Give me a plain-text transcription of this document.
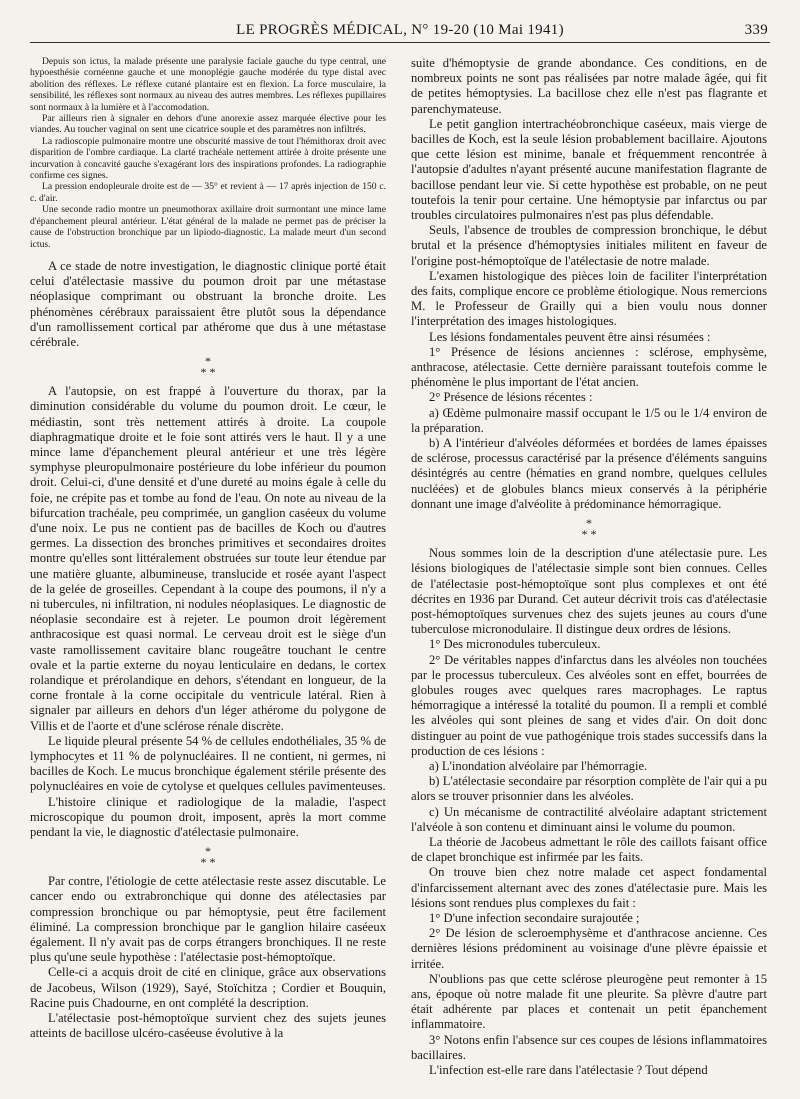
LE PROGRÈS MÉDICAL, N° 19-20 (10 Mai 1941)	339

Depuis son ictus, la malade présente une paralysie faciale gauche du type central, une hypoesthésie cornéenne gauche et une monoplégie gauche modérée du type distal avec abolition des réflexes. Le réflexe cutané plantaire est en flexion. La force musculaire, la sensibilité, les réflexes sont normaux au niveau des autres membres. Les réflexes pupillaires sont normaux à la lumière et à l'accomodation.

Par ailleurs rien à signaler en dehors d'une anorexie assez marquée élective pour les viandes. Au toucher vaginal on sent une cicatrice souple et des paramètres non infiltrés.

La radioscopie pulmonaire montre une obscurité massive de tout l'hémithorax droit avec disparition de l'ombre cardiaque. La clarté trachéale nettement attirée à droite présente une incurvation à concavité gauche s'exagérant lors des inspirations profondes. La radiographie confirme ces signes.

La pression endopleurale droite est de — 35° et revient à — 17 après injection de 150 c. c. d'air.

Une seconde radio montre un pneumothorax axillaire droit surmontant une mince lame d'épanchement pleural antérieur. L'état général de la malade ne permet pas de préciser la cause de l'obstruction bronchique par un lipiodo-diagnostic. La malade meurt d'un second ictus.

A ce stade de notre investigation, le diagnostic clinique porté était celui d'atélectasie massive du poumon droit par une métastase néoplasique comprimant ou obstruant la bronche droite. Les phénomènes cérébraux paraissaient être plutôt sous la dépendance d'un ramollissement cortical par athérome que dus à une métastase cérébrale.

*
* *

A l'autopsie, on est frappé à l'ouverture du thorax, par la diminution considérable du volume du poumon droit. Le cœur, le médiastin, sont très nettement attirés à droite. La coupole diaphragmatique droite et le foie sont attirés vers le haut. Il y a une mince lame d'épanchement pleural antérieur et une très légère symphyse pleuropulmonaire postérieure du lobe inférieur du poumon droit. Celui-ci, d'une densité et d'une dureté au moins égale à celle du foie, ne crépite pas et tombe au fond de l'eau. On note au niveau de la bifurcation trachéale, peu comprimée, un ganglion caséeux du volume d'une noix. Le pus ne contient pas de bacilles de Koch ou d'autres germes. La dissection des bronches primitives et secondaires droites montre qu'elles sont littéralement obstruées sur toute leur étendue par une matière gluante, albumineuse, translucide et rosée ayant l'aspect de la gelée de groseilles. Cependant à la coupe des poumons, il n'y a ni tubercules, ni infiltration, ni nodules néoplasiques. Le diagnostic de néoplasie secondaire est à rejeter. Le poumon droit légèrement anthracosique est quasi normal. Le cerveau droit est le siège d'un vaste ramollissement cavitaire blanc rougeâtre touchant le centre ovale et la partie externe du noyau lenticulaire en dedans, le cortex rolandique et prérolandique en dehors, s'étendant en longueur, de la corne frontale à la corne occipitale du ventricule latéral. Rien à signaler par ailleurs en dehors d'un léger athérome du polygone de Villis et de l'aorte et d'une sclérose rénale discrète.

Le liquide pleural présente 54 % de cellules endothéliales, 35 % de lymphocytes et 11 % de polynucléaires. Il ne contient, ni germes, ni bacilles de Koch. Le mucus bronchique également stérile présente des polynucléaires en voie de cytolyse et quelques cellules pavimenteuses.

L'histoire clinique et radiologique de la maladie, l'aspect microscopique du poumon droit, imposent, après la mort comme pendant la vie, le diagnostic d'atélectasie pulmonaire.

*
* *

Par contre, l'étiologie de cette atélectasie reste assez discutable. Le cancer endo ou extrabronchique qui donne des atélectasies par compression bronchique ou par hémoptysie, peut être facilement éliminé. La compression bronchique par le ganglion hilaire caséeux également. Il n'y avait pas de corps étrangers bronchiques. Il ne reste plus qu'une seule hypothèse : l'atélectasie post-hémoptoïque.

Celle-ci a acquis droit de cité en clinique, grâce aux observations de Jacobeus, Wilson (1929), Sayé, Stoïchitza ; Cordier et Bouquin, Racine puis Chadourne, en ont complété la description.

L'atélectasie post-hémoptoïque survient chez des sujets jeunes atteints de bacillose ulcéro-caséeuse évolutive à la

suite d'hémoptysie de grande abondance. Ces conditions, en de nombreux points ne sont pas réalisées par notre malade âgée, qui fit de petites hémoptysies. La bacillose chez elle n'est pas flagrante et parenchymateuse.

Le petit ganglion intertrachéobronchique caséeux, mais vierge de bacilles de Koch, est la seule lésion probablement bacillaire. Ajoutons que cette lésion est minime, banale et fréquemment rencontrée à l'autopsie d'adultes n'ayant présenté aucune manifestation flagrante de bacillose pendant leur vie. Si cette hypothèse est probable, on ne peut toutefois la tenir pour certaine. Une hémoptysie par infarctus ou par troubles circulatoires pulmonaires n'est pas plus défendable.

Seuls, l'absence de troubles de compression bronchique, le début brutal et la présence d'hémoptysies initiales militent en faveur de l'origine post-hémoptoïque de l'atélectasie de notre malade.

L'examen histologique des pièces loin de faciliter l'interprétation des faits, complique encore ce problème étiologique. Nous remercions M. le Professeur de Grailly qui a bien voulu nous donner l'interprétation des images histologiques.

Les lésions fondamentales peuvent être ainsi résumées :

1° Présence de lésions anciennes : sclérose, emphysème, anthracose, atélectasie. Cette dernière paraissant toutefois comme le phénomène le plus important de l'état ancien.

2° Présence de lésions récentes :

a) Œdème pulmonaire massif occupant le 1/5 ou le 1/4 environ de la préparation.

b) A l'intérieur d'alvéoles déformées et bordées de lames épaisses de sclérose, processus caractérisé par la présence d'éléments sanguins désintégrés au centre (hématies en grand nombre, quelques cellules nucléées) et de globules blancs mieux conservés à la périphérie donnant une image d'alvéolite à prédominance hémorragique.

*
* *

Nous sommes loin de la description d'une atélectasie pure. Les lésions biologiques de l'atélectasie simple sont bien connues. Celles de l'atélectasie post-hémoptoïque sont plus complexes et ont été décrites en 1936 par Durand. Cet auteur décrivit trois cas d'atélectasie post-hémoptoïques survenues chez des sujets jeunes au cours d'une tuberculose micronodulaire. Il distingue deux ordres de lésions.

1° Des micronodules tuberculeux.

2° De véritables nappes d'infarctus dans les alvéoles non touchées par le processus tuberculeux. Ces alvéoles sont en effet, bourrées de globules rouges avec quelques rares macrophages. Le raptus hémorragique a intéressé la totalité du poumon. Il a rempli et comblé les alvéoles qui sont pleines de sang et vides d'air. On doit donc distinguer au point de vue pathogénique trois stades successifs dans la production de ces lésions :

a) L'inondation alvéolaire par l'hémorragie.

b) L'atélectasie secondaire par résorption complète de l'air qui a pu alors se trouver prisonnier dans les alvéoles.

c) Un mécanisme de contractilité alvéolaire adaptant strictement l'alvéole à son contenu et diminuant ainsi le volume du poumon.

La théorie de Jacobeus admettant le rôle des caillots faisant office de clapet bronchique est infirmée par les faits.

On trouve bien chez notre malade cet aspect fondamental d'infarcissement alternant avec des zones d'atélectasie pure. Mais les lésions sont rendues plus complexes du fait :

1° D'une infection secondaire surajoutée ;

2° De lésion de scleroemphysème et d'anthracose ancienne. Ces dernières lésions prédominent au voisinage d'une plèvre épaissie et irritée.

N'oublions pas que cette sclérose pleurogène peut remonter à 15 ans, époque où notre malade fit une pleurite. Sa plèvre d'autre part était adhérente par places et contenait un petit épanchement inflammatoire.

3° Notons enfin l'absence sur ces coupes de lésions inflammatoires bacillaires.

L'infection est-elle rare dans l'atélectasie ? Tout dépend
